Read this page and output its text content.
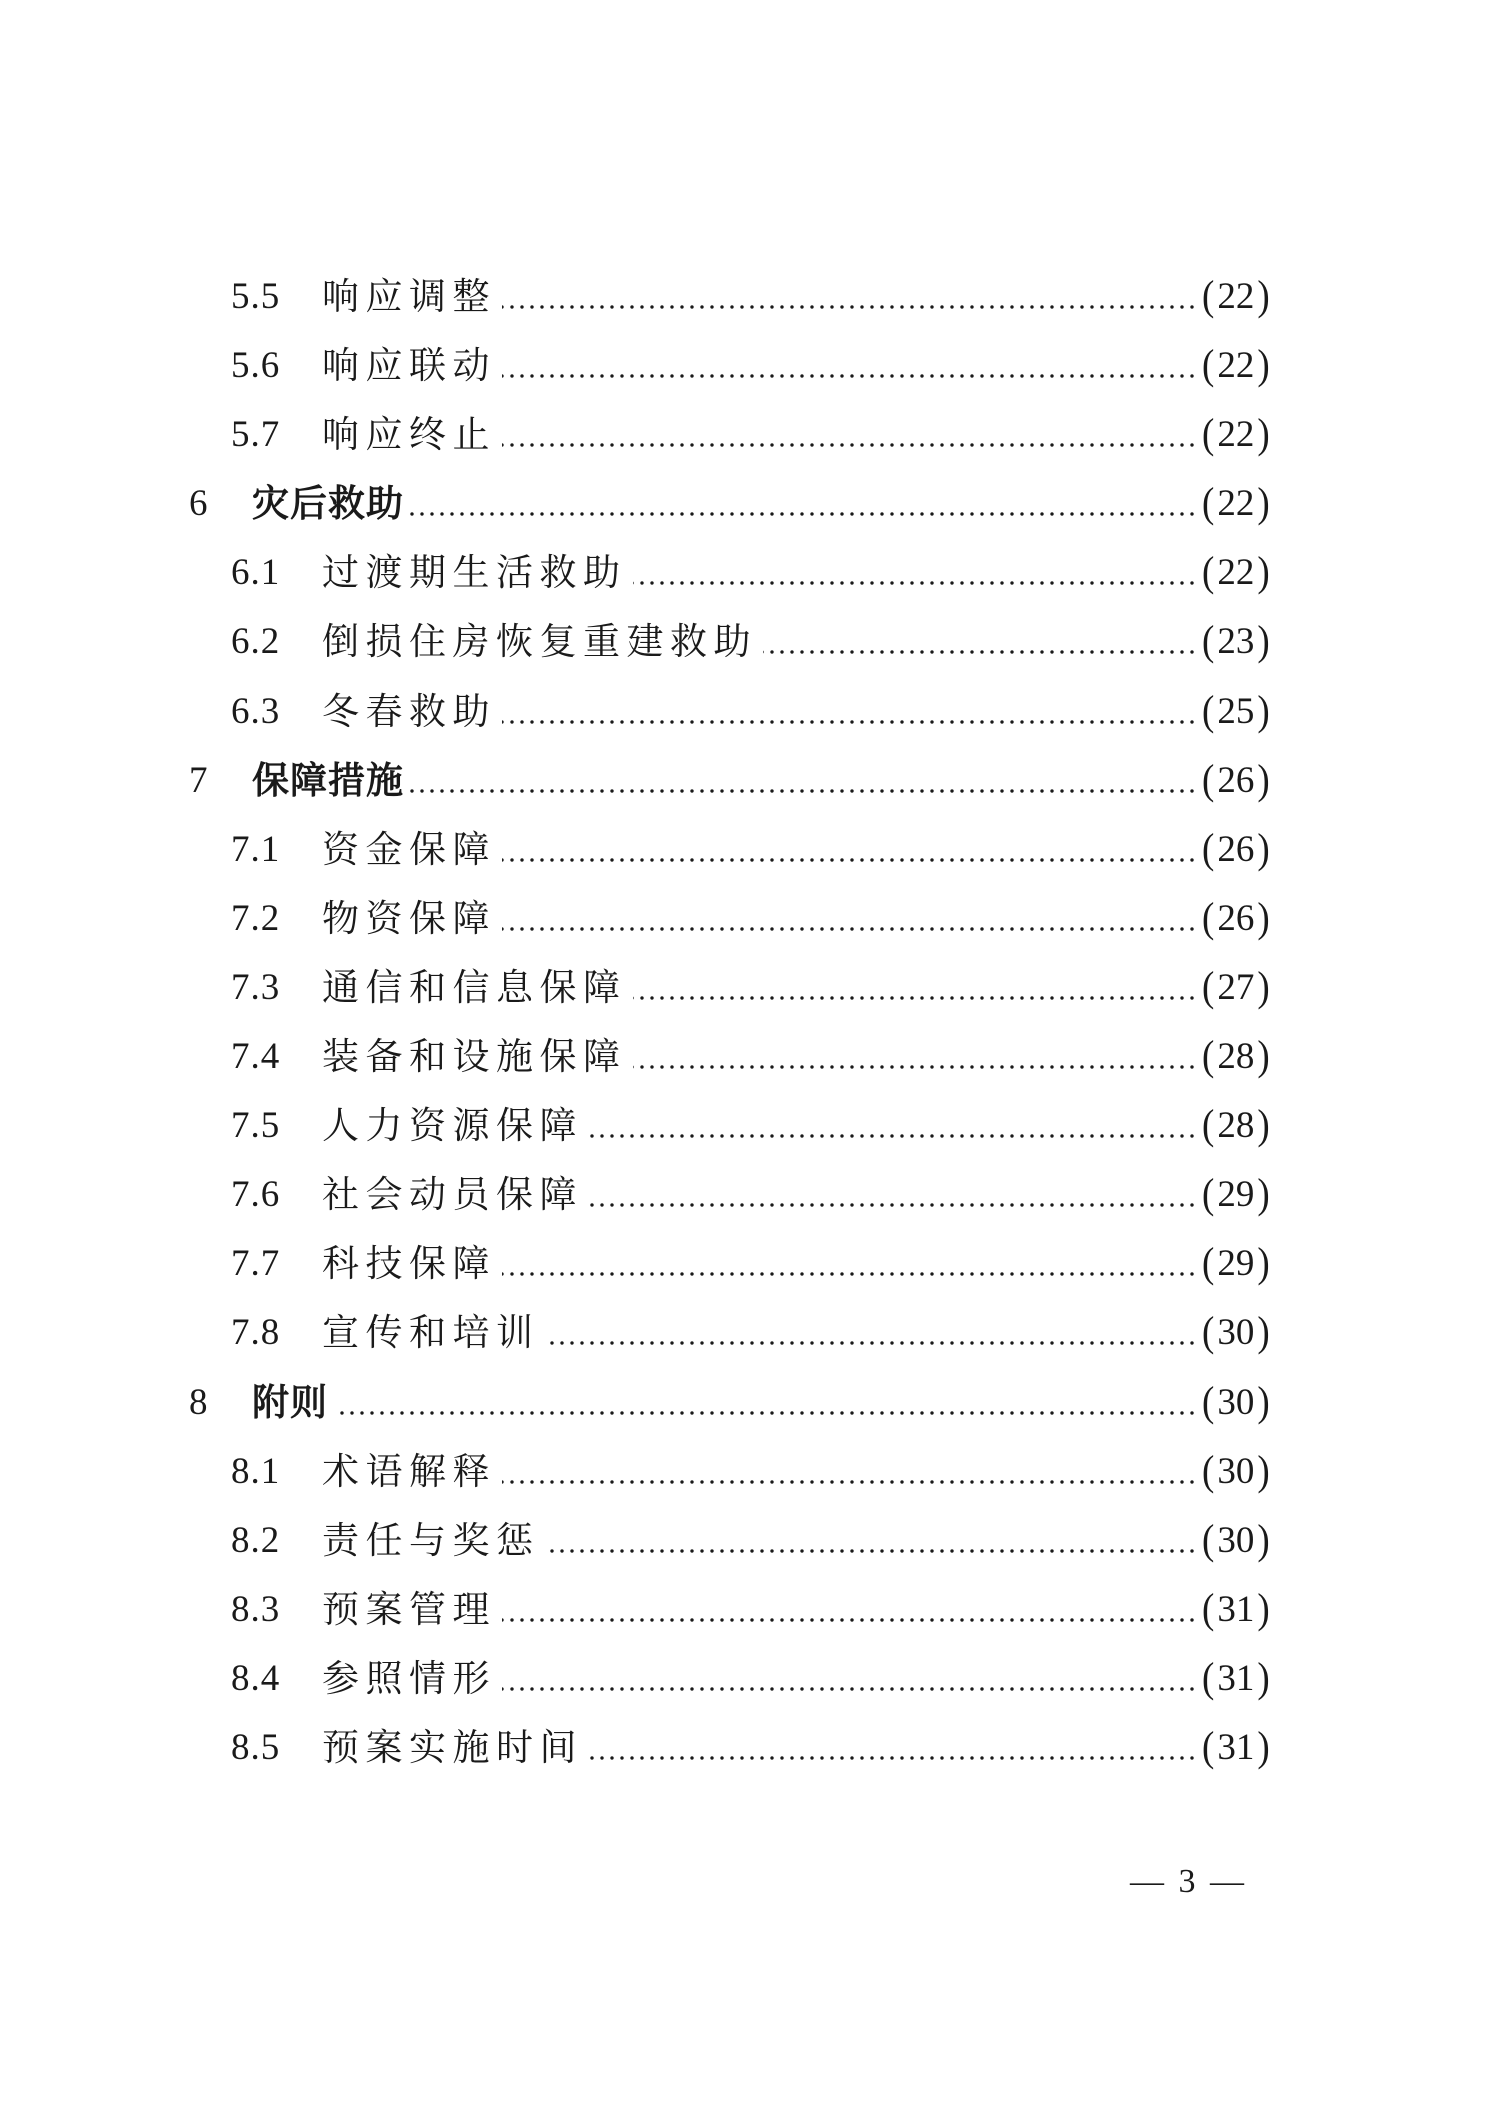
5.5 响应调整	(22)
5.6 响应联动	(22)
5.7 响应终止	(22)
6 灾后救助	(22)
6.1 过渡期生活救助	(22)
6.2 倒损住房恢复重建救助	(23)
6.3 冬春救助	(25)
7 保障措施	(26)
7.1 资金保障	(26)
7.2 物资保障	(26)
7.3 通信和信息保障	(27)
7.4 装备和设施保障	(28)
7.5 人力资源保障	(28)
7.6 社会动员保障	(29)
7.7 科技保障	(29)
7.8 宣传和培训	(30)
8 附则	(30)
8.1 术语解释	(30)
8.2 责任与奖惩	(30)
8.3 预案管理	(31)
8.4 参照情形	(31)
8.5 预案实施时间	(31)
— 3 —
